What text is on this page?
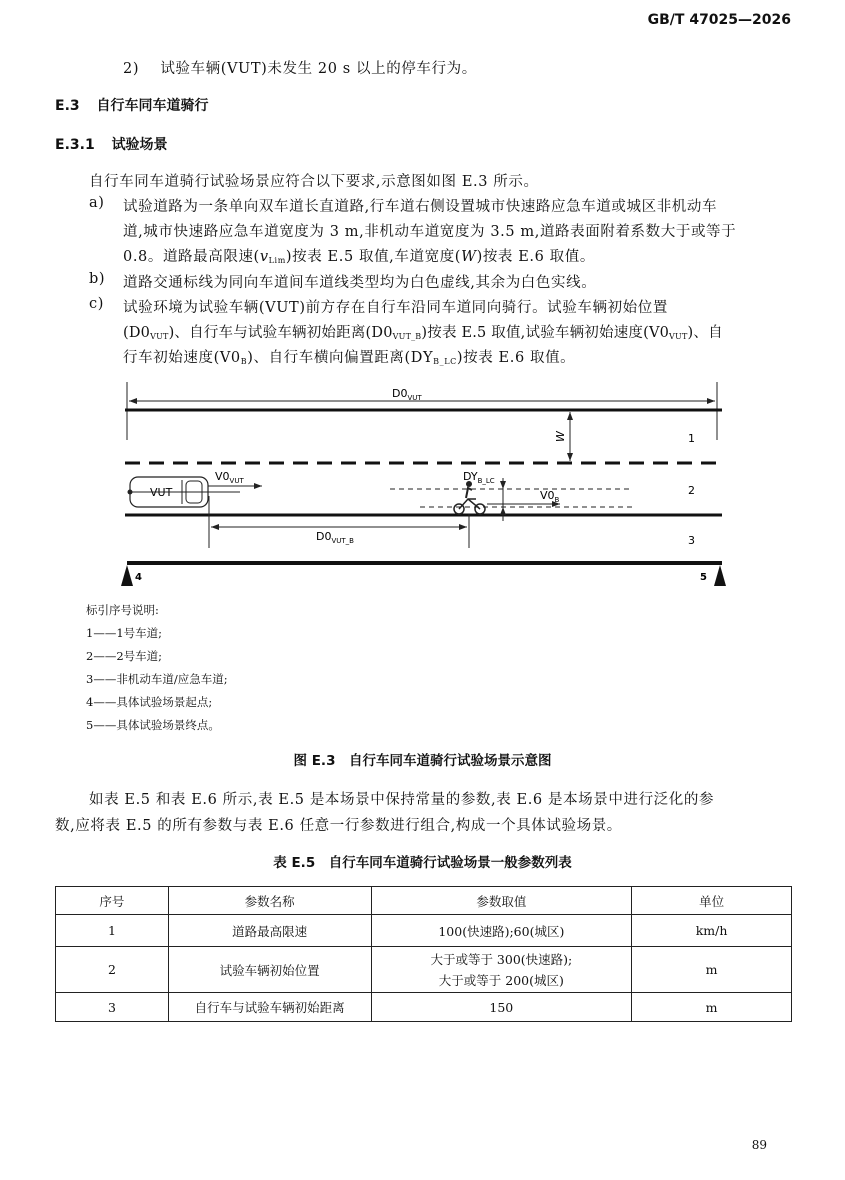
GB/T 47025—2026
2) 试验车辆(VUT)未发生 20 s 以上的停车行为。
E.3 自行车同车道骑行
E.3.1 试验场景
自行车同车道骑行试验场景应符合以下要求,示意图如图 E.3 所示。
a) 试验道路为一条单向双车道长直道路,行车道右侧设置城市快速路应急车道或城区非机动车
道,城市快速路应急车道宽度为 3 m,非机动车道宽度为 3.5 m,道路表面附着系数大于或等于
0.8。道路最高限速$(v_{Lim})$按表 E.5 取值,车道宽度(W)按表 E.6 取值。
b) 道路交通标线为同向车道间车道线类型均为白色虚线,其余为白色实线。
c) 试验环境为试验车辆(VUT)前方存在自行车沿同车道同向骑行。试验车辆初始位置
$(D0_{VUT})$、自行车与试验车辆初始距离$(D0_{VUT\_B})$按表 E.5 取值,试验车辆初始速度$(V0_{VUT})$、自
行车初始速度$(V0_B)$、自行车横向偏置距离$(DY_{B\_LC})$按表 E.6 取值。
$D0_{VUT}$
W	1
2
3
VUT
$V0_{VUT}$	$DY_{B\_LC}$
$V0_B$
$D0_{VUT\_B}$
4	5
标引序号说明:
1——1号车道;
2——2号车道;
3——非机动车道/应急车道;
4——具体试验场景起点;
5——具体试验场景终点。
图 E.3　自行车同车道骑行试验场景示意图
如表 E.5 和表 E.6 所示,表 E.5 是本场景中保持常量的参数,表 E.6 是本场景中进行泛化的参
数,应将表 E.5 的所有参数与表 E.6 任意一行参数进行组合,构成一个具体试验场景。
表 E.5　自行车同车道骑行试验场景一般参数列表
序号	参数名称	参数取值	单位
1	道路最高限速	100(快速路);60(城区)	km/h
2	试验车辆初始位置	大于或等于 300(快速路);
大于或等于 200(城区)	m
3	自行车与试验车辆初始距离	150	m
89
